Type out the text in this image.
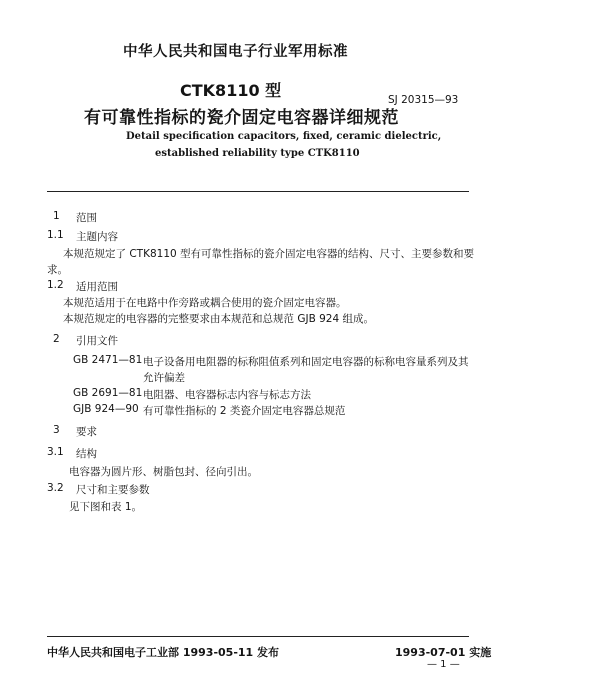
中华人民共和国电子行业军用标准
CTK8110 型
有可靠性指标的瓷介固定电容器详细规范
SJ 20315—93
Detail specification capacitors, fixed, ceramic dielectric,
established reliability type CTK8110
1 范围
1.1 主题内容
本规范规定了 CTK8110 型有可靠性指标的瓷介固定电容器的结构、尺寸、主要参数和要
求。
1.2 适用范围
本规范适用于在电路中作旁路或耦合使用的瓷介固定电容器。
本规范规定的电容器的完整要求由本规范和总规范 GJB 924 组成。
2 引用文件
GB 2471—81 电子设备用电阻器的标称阻值系列和固定电容器的标称电容量系列及其
允许偏差
GB 2691—81 电阻器、电容器标志内容与标志方法
GJB 924—90 有可靠性指标的 2 类瓷介固定电容器总规范
3 要求
3.1 结构
电容器为圆片形、树脂包封、径向引出。
3.2 尺寸和主要参数
见下图和表 1。
中华人民共和国电子工业部 1993-05-11 发布	1993-07-01 实施
— 1 —
